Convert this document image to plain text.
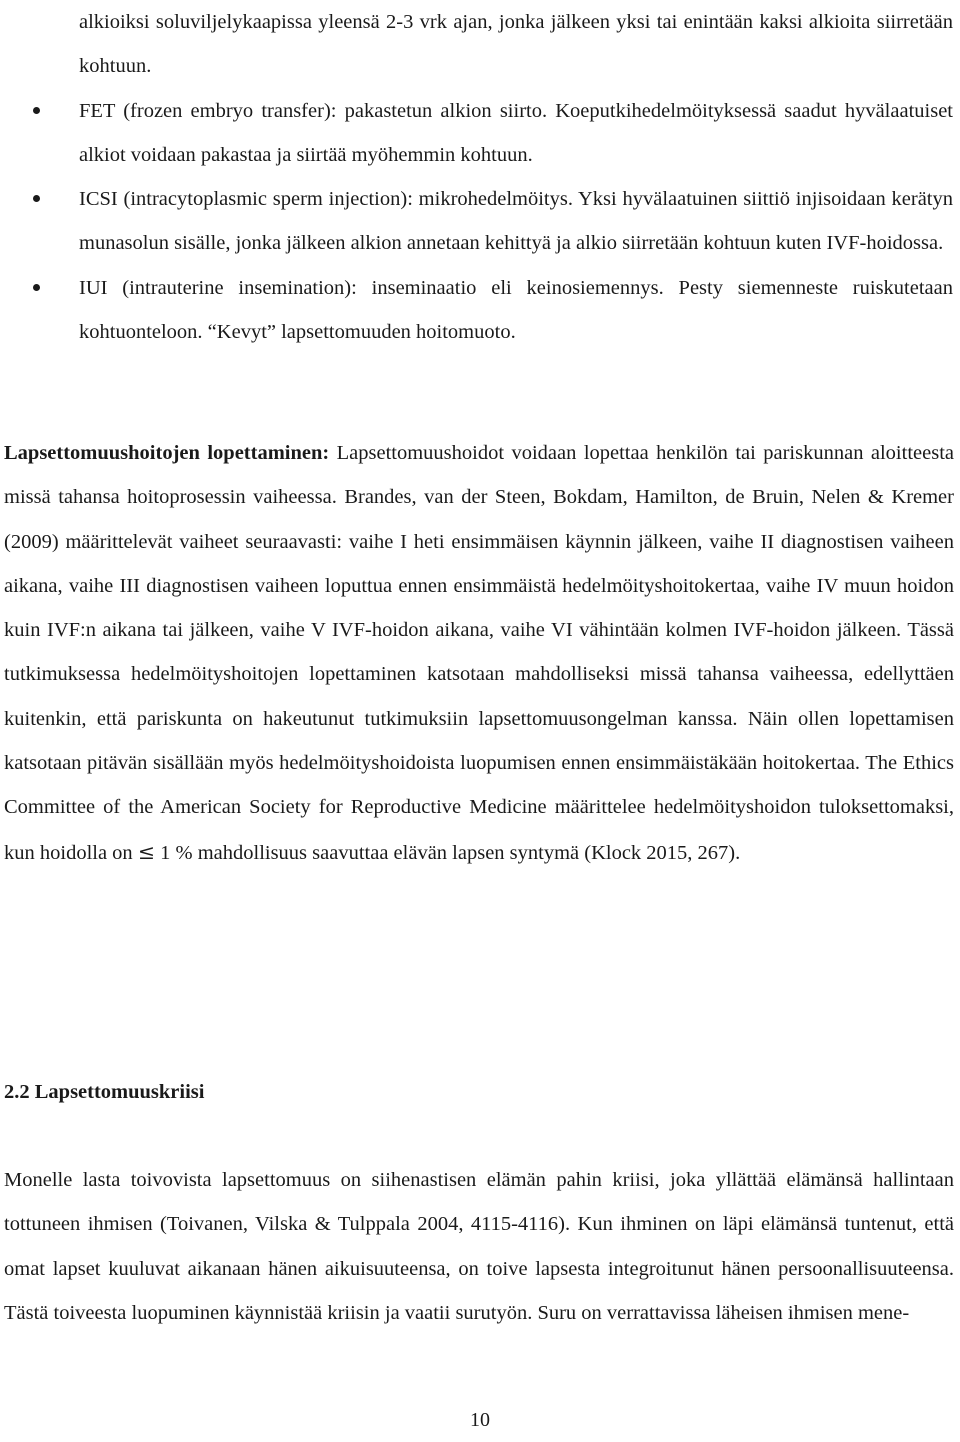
alkioiksi soluviljelykaapissa yleensä 2-3 vrk ajan, jonka jälkeen yksi tai enintään kaksi alkioita siirretään kohtuun.
FET (frozen embryo transfer): pakastetun alkion siirto. Koeputkihedelmöityksessä saadut hyvälaatuiset alkiot voidaan pakastaa ja siirtää myöhemmin kohtuun.
ICSI (intracytoplasmic sperm injection): mikrohedelmöitys. Yksi hyvälaatuinen siittiö injisoidaan kerätyn munasolun sisälle, jonka jälkeen alkion annetaan kehittyä ja alkio siirretään kohtuun kuten IVF-hoidossa.
IUI (intrauterine insemination): inseminaatio eli keinosiemennys. Pesty siemenneste ruiskutetaan kohtuonteloon. “Kevyt” lapsettomuuden hoitomuoto.
Lapsettomuushoitojen lopettaminen: Lapsettomuushoidot voidaan lopettaa henkilön tai pariskunnan aloitteesta missä tahansa hoitoprosessin vaiheessa. Brandes, van der Steen, Bokdam, Hamilton, de Bruin, Nelen & Kremer (2009) määrittelevät vaiheet seuraavasti: vaihe I heti ensimmäisen käynnin jälkeen, vaihe II diagnostisen vaiheen aikana, vaihe III diagnostisen vaiheen loputtua ennen ensimmäistä hedelmöityshoitokertaa, vaihe IV muun hoidon kuin IVF:n aikana tai jälkeen, vaihe V IVF-hoidon aikana, vaihe VI vähintään kolmen IVF-hoidon jälkeen. Tässä tutkimuksessa hedelmöityshoitojen lopettaminen katsotaan mahdolliseksi missä tahansa vaiheessa, edellyttäen kuitenkin, että pariskunta on hakeutunut tutkimuksiin lapsettomuusongelman kanssa. Näin ollen lopettamisen katsotaan pitävän sisällään myös hedelmöityshoidoista luopumisen ennen ensimmäistäkään hoitokertaa. The Ethics Committee of the American Society for Reproductive Medicine määrittelee hedelmöityshoidon tuloksettomaksi, kun hoidolla on ≤ 1 % mahdollisuus saavuttaa elävän lapsen syntymä (Klock 2015, 267).
2.2 Lapsettomuuskriisi
Monelle lasta toivovista lapsettomuus on siihenastisen elämän pahin kriisi, joka yllättää elämänsä hallintaan tottuneen ihmisen (Toivanen, Vilska & Tulppala 2004, 4115-4116). Kun ihminen on läpi elämänsä tuntenut, että omat lapset kuuluvat aikanaan hänen aikuisuuteensa, on toive lapsesta integroitunut hänen persoonallisuuteensa. Tästä toiveesta luopuminen käynnistää kriisin ja vaatii surutyön. Suru on verrattavissa läheisen ihmisen mene-
10
